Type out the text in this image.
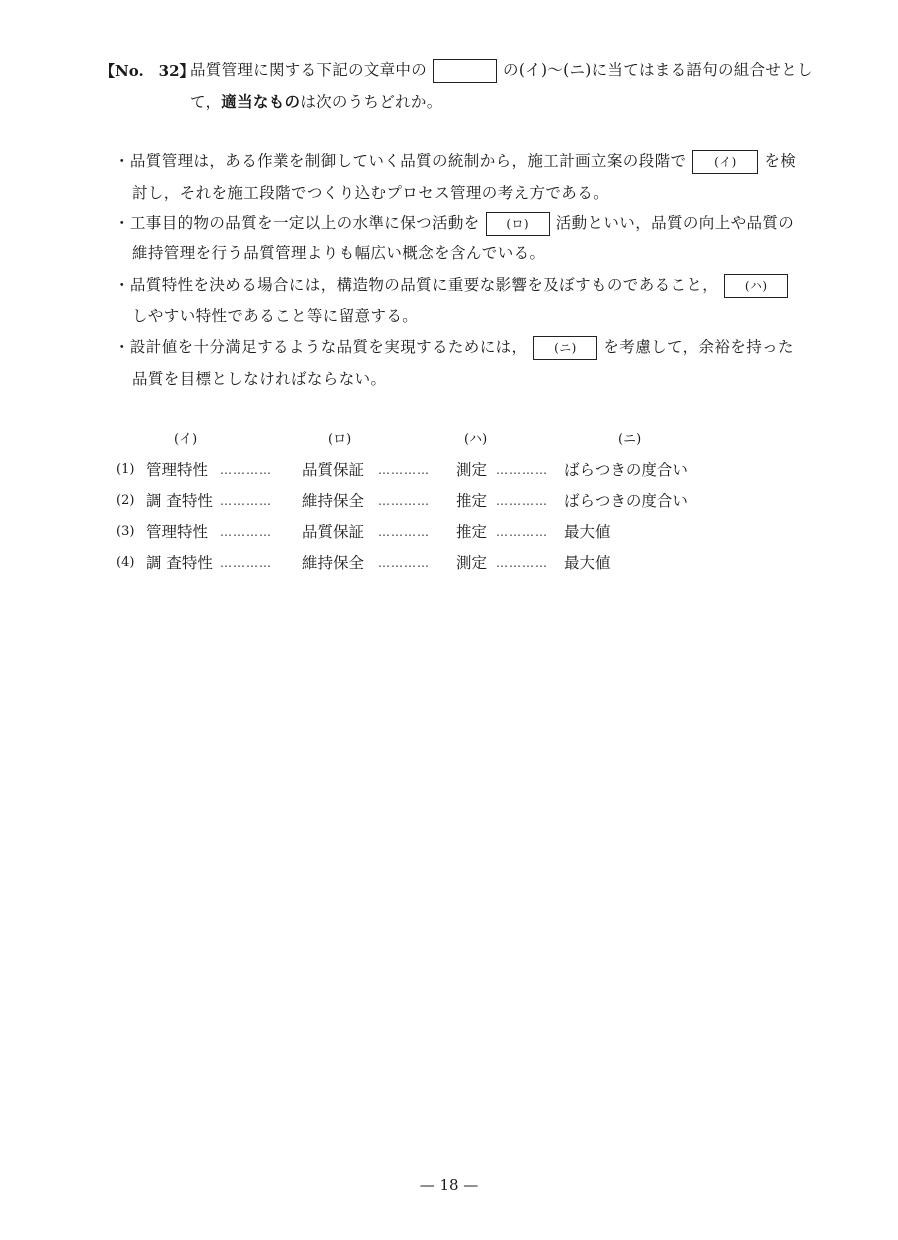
【No.　32】
品質管理に関する下記の文章中の	の(イ)～(ニ)に当てはまる語句の組合せとし
て，適当なものは次のうちどれか。
・品質管理は，ある作業を制御していく品質の統制から，施工計画立案の段階で (イ) を検
討し，それを施工段階でつくり込むプロセス管理の考え方である。
・工事目的物の品質を一定以上の水準に保つ活動を (ロ) 活動といい，品質の向上や品質の
維持管理を行う品質管理よりも幅広い概念を含んでいる。
・品質特性を決める場合には，構造物の品質に重要な影響を及ぼすものであること， (ハ)
しやすい特性であること等に留意する。
・設計値を十分満足するような品質を実現するためには， (ニ) を考慮して，余裕を持った
品質を目標としなければならない。
(イ)	(ロ)	(ハ)	(ニ)
(1) 管理特性 ………… 品質保証 ………… 測定 ………… ばらつきの度合い
(2) 調 査特性 ………… 維持保全 ………… 推定 ………… ばらつきの度合い
(3) 管理特性 ………… 品質保証 ………… 推定 ………… 最大値
(4) 調 査特性 ………… 維持保全 ………… 測定 ………… 最大値
— 18 —
